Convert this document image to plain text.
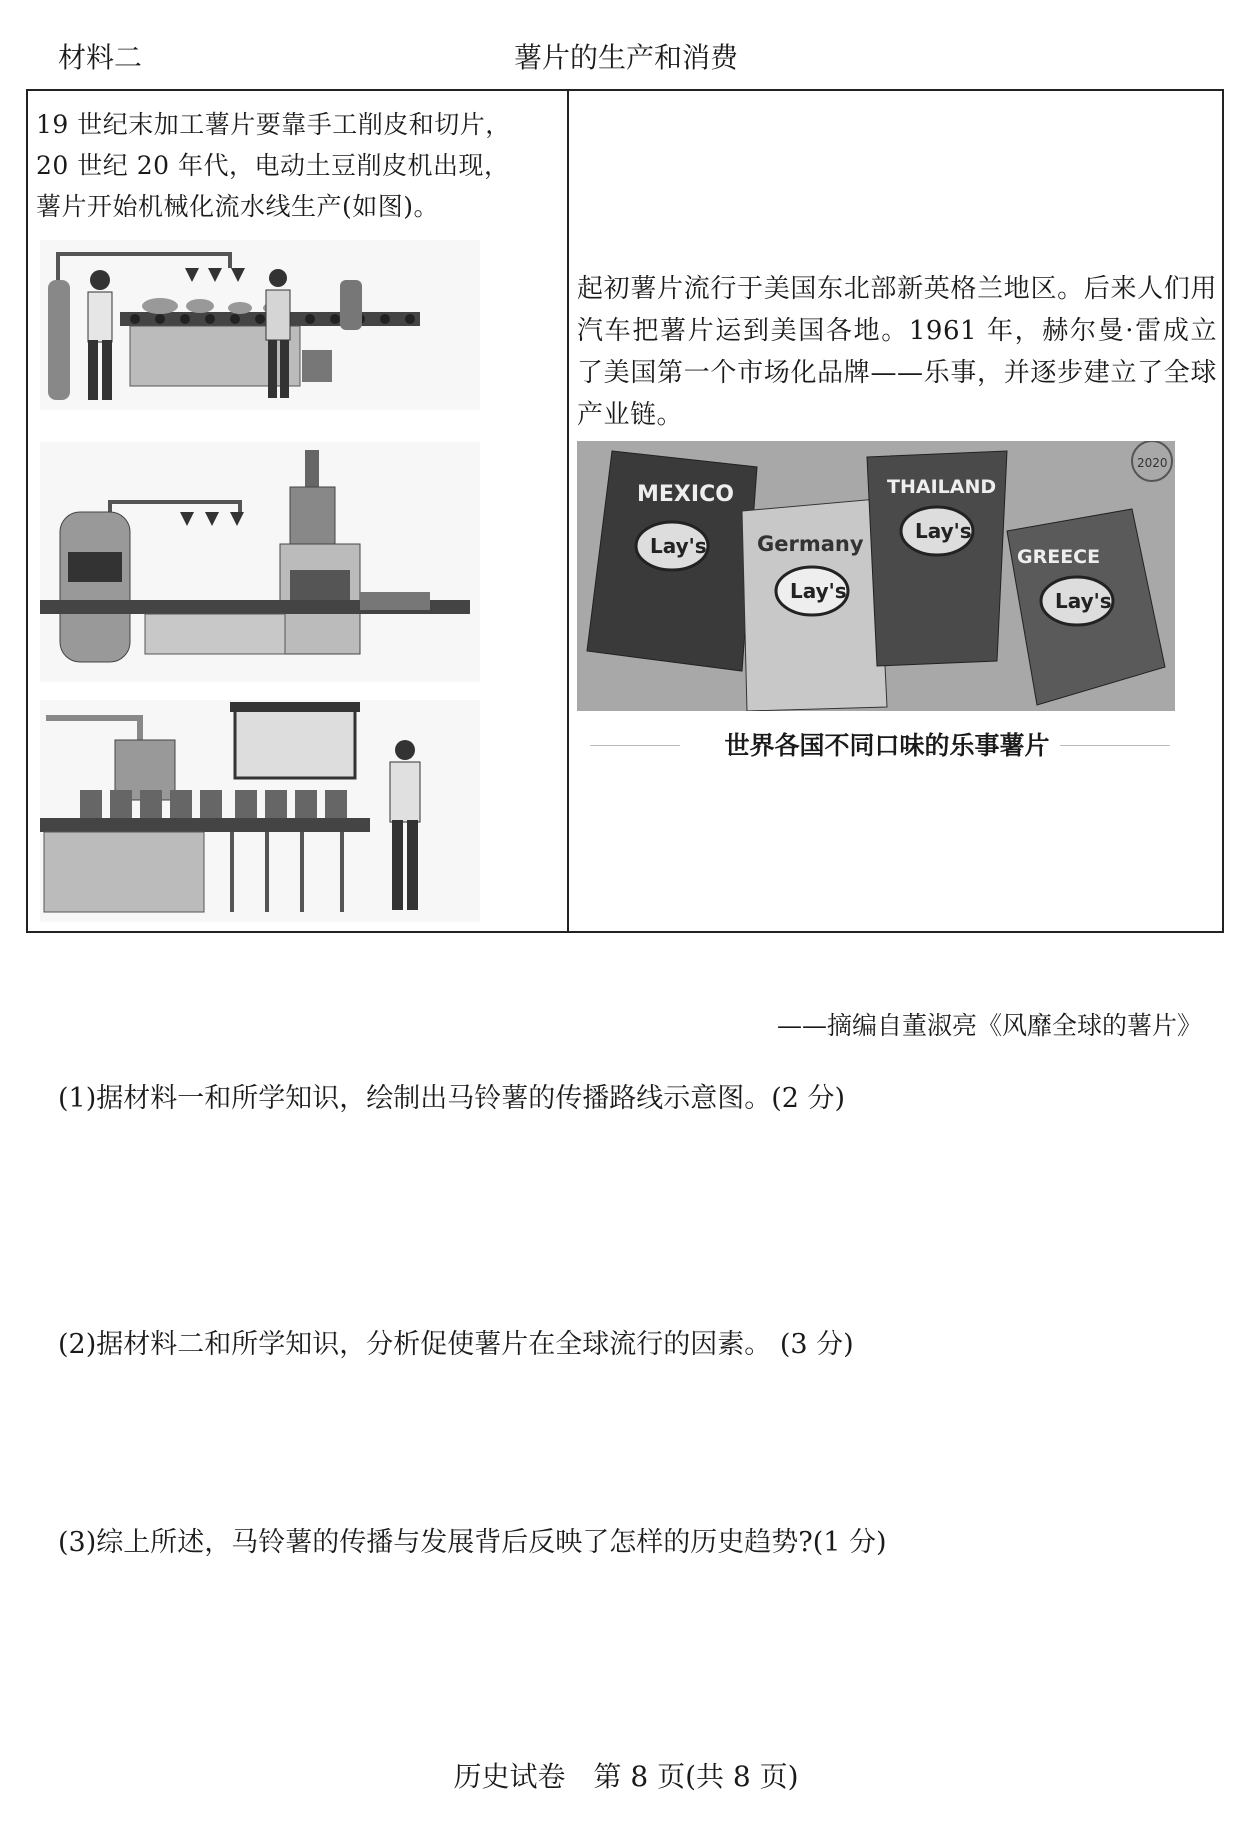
材料二	薯片的生产和消费
19 世纪末加工薯片要靠手工削皮和切片，
20 世纪 20 年代，电动土豆削皮机出现，
薯片开始机械化流水线生产(如图)。
起初薯片流行于美国东北部新英格兰地区。后来人们用汽车把薯片运到美国各地。1961 年，赫尔曼·雷成立了美国第一个市场化品牌——乐事，并逐步建立了全球产业链。
MEXICO
Lay's Germany
Lay's
THAILAND
Lay's
GREECE
Lay's
2020
世界各国不同口味的乐事薯片
——摘编自董淑亮《风靡全球的薯片》
(1)据材料一和所学知识，绘制出马铃薯的传播路线示意图。(2 分)
(2)据材料二和所学知识，分析促使薯片在全球流行的因素。 (3 分)
(3)综上所述，马铃薯的传播与发展背后反映了怎样的历史趋势?(1 分)
历史试卷　第 8 页(共 8 页)
